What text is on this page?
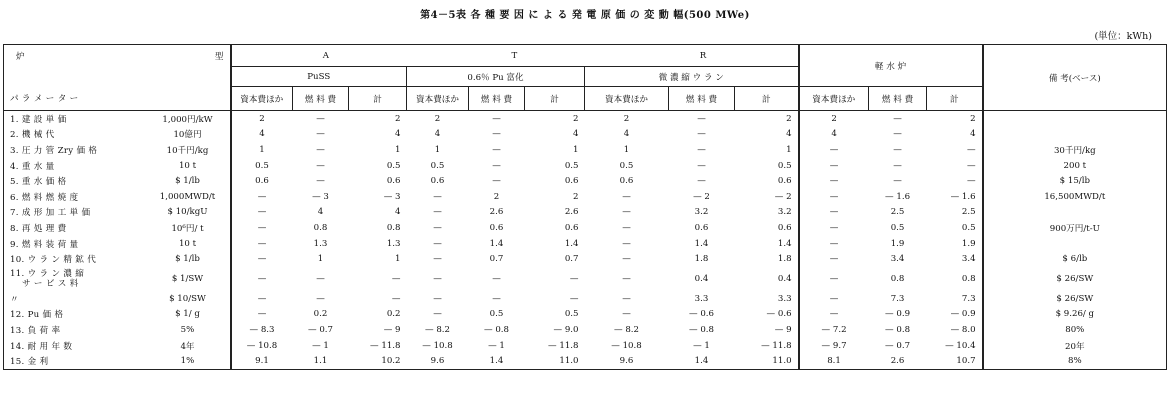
第4－5表 各 種 要 因 に よ る 発 電 原 価 の 変 動 幅(500 MWe)
(単位：kWh)
炉 型		A T R									軽 水 炉			備 考(ベース)
		PuSS			0.6％ Pu 富化			微 濃 縮 ウ ラ ン						
パ ラ メ ー タ ー		資本費ほか	燃 料 費	計	資本費ほか	燃 料 費	計	資本費ほか	燃 料 費	計	資本費ほか	燃 料 費	計	
1. 建 設 単 価	1,000円/kW	2	—	2	2	—	2	2	—	2	2	—	2	
2. 機 械 代	10億円	4	—	4	4	—	4	4	—	4	4	—	4	
3. 圧 力 管 Zry 価 格	10千円/kg	1	—	1	1	—	1	1	—	1	—	—	—	30千円/kg
4. 重 水 量	10 t	0.5	—	0.5	0.5	—	0.5	0.5	—	0.5	—	—	—	200 t
5. 重 水 価 格	$ 1/lb	0.6	—	0.6	0.6	—	0.6	0.6	—	0.6	—	—	—	$ 15/lb
6. 燃 料 燃 焼 度	1,000MWD/t	—	— 3	— 3	—	2	2	—	— 2	— 2	—	— 1.6	— 1.6	16,500MWD/t
7. 成 形 加 工 単 価	$ 10/kgU	—	4	4	—	2.6	2.6	—	3.2	3.2	—	2.5	2.5	
8. 再 処 理 費	10⁶円/ t	—	0.8	0.8	—	0.6	0.6	—	0.6	0.6	—	0.5	0.5	900万円/t-U
9. 燃 料 装 荷 量	10 t	—	1.3	1.3	—	1.4	1.4	—	1.4	1.4	—	1.9	1.9	
10. ウ ラ ン 精 鉱 代	$ 1/lb	—	1	1	—	0.7	0.7	—	1.8	1.8	—	3.4	3.4	$ 6/lb

11. ウ ラ ン 濃 縮
サ ー ビ ス 料	$ 1/SW	—	—	—	—	—	—	—	0.4	0.4	—	0.8	0.8	$ 26/SW
〃	$ 10/SW	—	—	—	—	—	—	—	3.3	3.3	—	7.3	7.3	$ 26/SW
12. Pu 価 格	$ 1/ g	—	0.2	0.2	—	0.5	0.5	—	— 0.6	— 0.6	—	— 0.9	— 0.9	$ 9.26/ g
13. 負 荷 率	5%	— 8.3	— 0.7	— 9	— 8.2	— 0.8	— 9.0	— 8.2	— 0.8	— 9	— 7.2	— 0.8	— 8.0	80%
14. 耐 用 年 数	4年	— 10.8	— 1	— 11.8	— 10.8	— 1	— 11.8	— 10.8	— 1	— 11.8	— 9.7	— 0.7	— 10.4	20年
15. 金 利	1%	9.1	1.1	10.2	9.6	1.4	11.0	9.6	1.4	11.0	8.1	2.6	10.7	8%
